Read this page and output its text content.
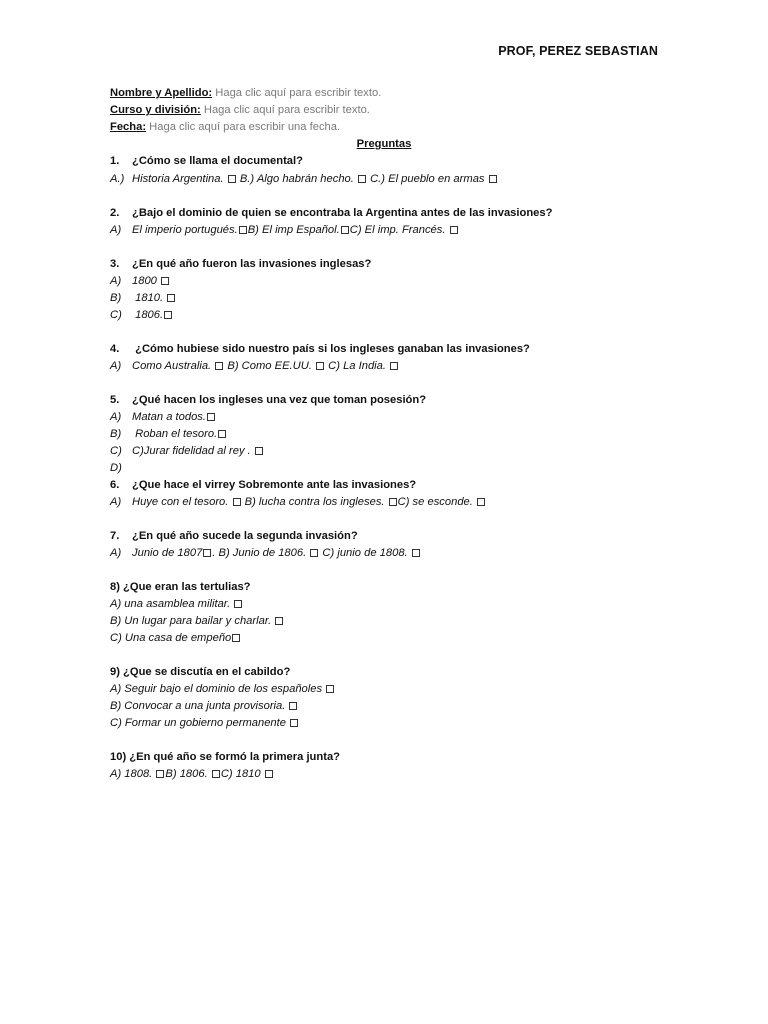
PROF, PEREZ SEBASTIAN
Nombre y Apellido: Haga clic aquí para escribir texto.
Curso y división: Haga clic aquí para escribir texto.
Fecha: Haga clic aquí para escribir una fecha.
Preguntas
1. ¿Cómo se llama el documental?
A.) Historia Argentina. B.) Algo habrán hecho. C.) El pueblo en armas
2. ¿Bajo el dominio de quien se encontraba la Argentina antes de las invasiones?
A) El imperio portugués. B) El imp Español. C) El imp. Francés.
3. ¿En qué año fueron las invasiones inglesas?
A) 1800
B) 1810.
C) 1806.
4. ¿Cómo hubiese sido nuestro país si los ingleses ganaban las invasiones?
A) Como Australia.  B) Como EE.UU.  C) La India.
5. ¿Qué hacen los ingleses una vez que toman posesión?
A) Matan a todos.
B) Roban el tesoro.
C) C)Jurar fidelidad al rey .
D)
6. ¿Que hace el virrey Sobremonte ante las invasiones?
A) Huye con el tesoro. B) lucha contra los ingleses. C) se esconde.
7. ¿En qué año sucede la segunda invasión?
A) Junio de 1807 . B) Junio de 1806.  C) junio de 1808.
8) ¿Que eran las tertulias?
A) una asamblea militar.
B) Un lugar para bailar y charlar.
C) Una casa de empeño
9) ¿Que se discutía en el cabildo?
A) Seguir bajo el dominio de los españoles
B) Convocar a una junta provisoria.
C) Formar un gobierno permanente
10) ¿En qué año se formó la primera junta?
A) 1808. B) 1806. C) 1810
